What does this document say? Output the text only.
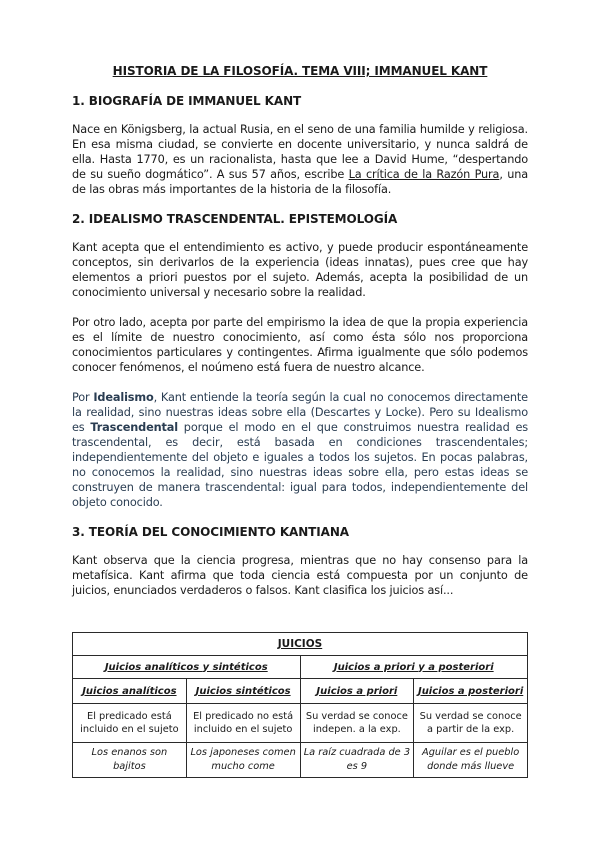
HISTORIA DE LA FILOSOFÍA. TEMA VIII; IMMANUEL KANT
1. BIOGRAFÍA DE IMMANUEL KANT

Nace en Königsberg, la actual Rusia, en el seno de una familia humilde y religiosa. En esa misma ciudad, se convierte en docente universitario, y nunca saldrá de ella. Hasta 1770, es un racionalista, hasta que lee a David Hume, “despertando de su sueño dogmático”. A sus 57 años, escribe La crítica de la Razón Pura, una de las obras más importantes de la historia de la filosofía.

2. IDEALISMO TRASCENDENTAL. EPISTEMOLOGÍA

Kant acepta que el entendimiento es activo, y puede producir espontáneamente conceptos, sin derivarlos de la experiencia (ideas innatas), pues cree que hay elementos a priori puestos por el sujeto. Además, acepta la posibilidad de un conocimiento universal y necesario sobre la realidad.

Por otro lado, acepta por parte del empirismo la idea de que la propia experiencia es el límite de nuestro conocimiento, así como ésta sólo nos proporciona conocimientos particulares y contingentes. Afirma igualmente que sólo podemos conocer fenómenos, el noúmeno está fuera de nuestro alcance.

Por Idealismo, Kant entiende la teoría según la cual no conocemos directamente la realidad, sino nuestras ideas sobre ella (Descartes y Locke). Pero su Idealismo es Trascendental porque el modo en el que construimos nuestra realidad es trascendental, es decir, está basada en condiciones trascendentales; independientemente del objeto e iguales a todos los sujetos. En pocas palabras, no conocemos la realidad, sino nuestras ideas sobre ella, pero estas ideas se construyen de manera trascendental: igual para todos, independientemente del objeto conocido.

3. TEORÍA DEL CONOCIMIENTO KANTIANA

Kant observa que la ciencia progresa, mientras que no hay consenso para la metafísica. Kant afirma que toda ciencia está compuesta por un conjunto de juicios, enunciados verdaderos o falsos. Kant clasifica los juicios así...

JUICIOS			
Juicios analíticos y sintéticos		Juicios a priori y a posteriori	
Juicios analíticos	Juicios sintéticos	Juicios a priori	Juicios a posteriori
El predicado está incluido en el sujeto	El predicado no está incluido en el sujeto	Su verdad se conoce indepen. a la exp.	Su verdad se conoce a partir de la exp.
Los enanos son bajitos	Los japoneses comen mucho come	La raíz cuadrada de 3 es 9	Aguilar es el pueblo donde más llueve
